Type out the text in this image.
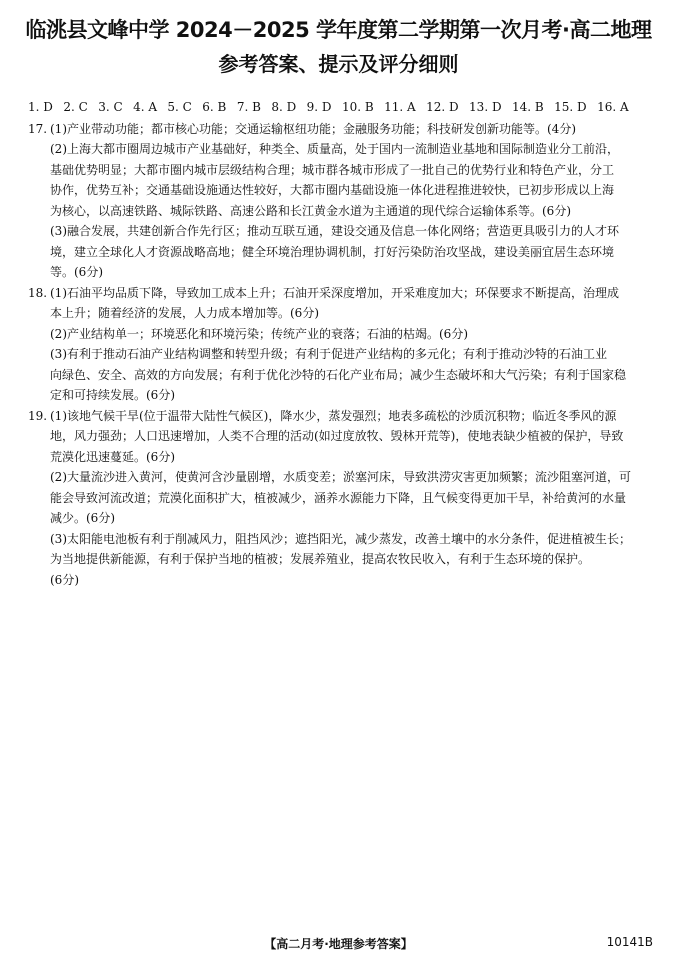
临洮县文峰中学 2024－2025 学年度第二学期第一次月考·高二地理
参考答案、提示及评分细则
1. D 2. C 3. C 4. A 5. C 6. B 7. B 8. D 9. D 10. B 11. A 12. D 13. D 14. B 15. D 16. A
17. (1)产业带动功能；都市核心功能；交通运输枢纽功能；金融服务功能；科技研发创新功能等。(4分)
(2)上海大都市圈周边城市产业基础好，种类全、质量高，处于国内一流制造业基地和国际制造业分工前沿，
基础优势明显；大都市圈内城市层级结构合理；城市群各城市形成了一批自己的优势行业和特色产业，分工
协作，优势互补；交通基础设施通达性较好，大都市圈内基础设施一体化进程推进较快，已初步形成以上海
为核心，以高速铁路、城际铁路、高速公路和长江黄金水道为主通道的现代综合运输体系等。(6分)
(3)融合发展，共建创新合作先行区；推动互联互通，建设交通及信息一体化网络；营造更具吸引力的人才环
境，建立全球化人才资源战略高地；健全环境治理协调机制，打好污染防治攻坚战，建设美丽宜居生态环境
等。(6分)
18. (1)石油平均品质下降，导致加工成本上升；石油开采深度增加，开采难度加大；环保要求不断提高，治理成
本上升；随着经济的发展，人力成本增加等。(6分)
(2)产业结构单一；环境恶化和环境污染；传统产业的衰落；石油的枯竭。(6分)
(3)有利于推动石油产业结构调整和转型升级；有利于促进产业结构的多元化；有利于推动沙特的石油工业
向绿色、安全、高效的方向发展；有利于优化沙特的石化产业布局；减少生态破坏和大气污染；有利于国家稳
定和可持续发展。(6分)
19. (1)该地气候干旱(位于温带大陆性气候区)，降水少，蒸发强烈；地表多疏松的沙质沉积物；临近冬季风的源
地，风力强劲；人口迅速增加，人类不合理的活动(如过度放牧、毁林开荒等)，使地表缺少植被的保护，导致
荒漠化迅速蔓延。(6分)
(2)大量流沙进入黄河，使黄河含沙量剧增，水质变差；淤塞河床，导致洪涝灾害更加频繁；流沙阻塞河道，可
能会导致河流改道；荒漠化面积扩大，植被减少，涵养水源能力下降，且气候变得更加干旱，补给黄河的水量
减少。(6分)
(3)太阳能电池板有利于削减风力，阻挡风沙；遮挡阳光，减少蒸发，改善土壤中的水分条件，促进植被生长；
为当地提供新能源，有利于保护当地的植被；发展养殖业，提高农牧民收入，有利于生态环境的保护。
(6分)
【高二月考·地理参考答案】	10141B
